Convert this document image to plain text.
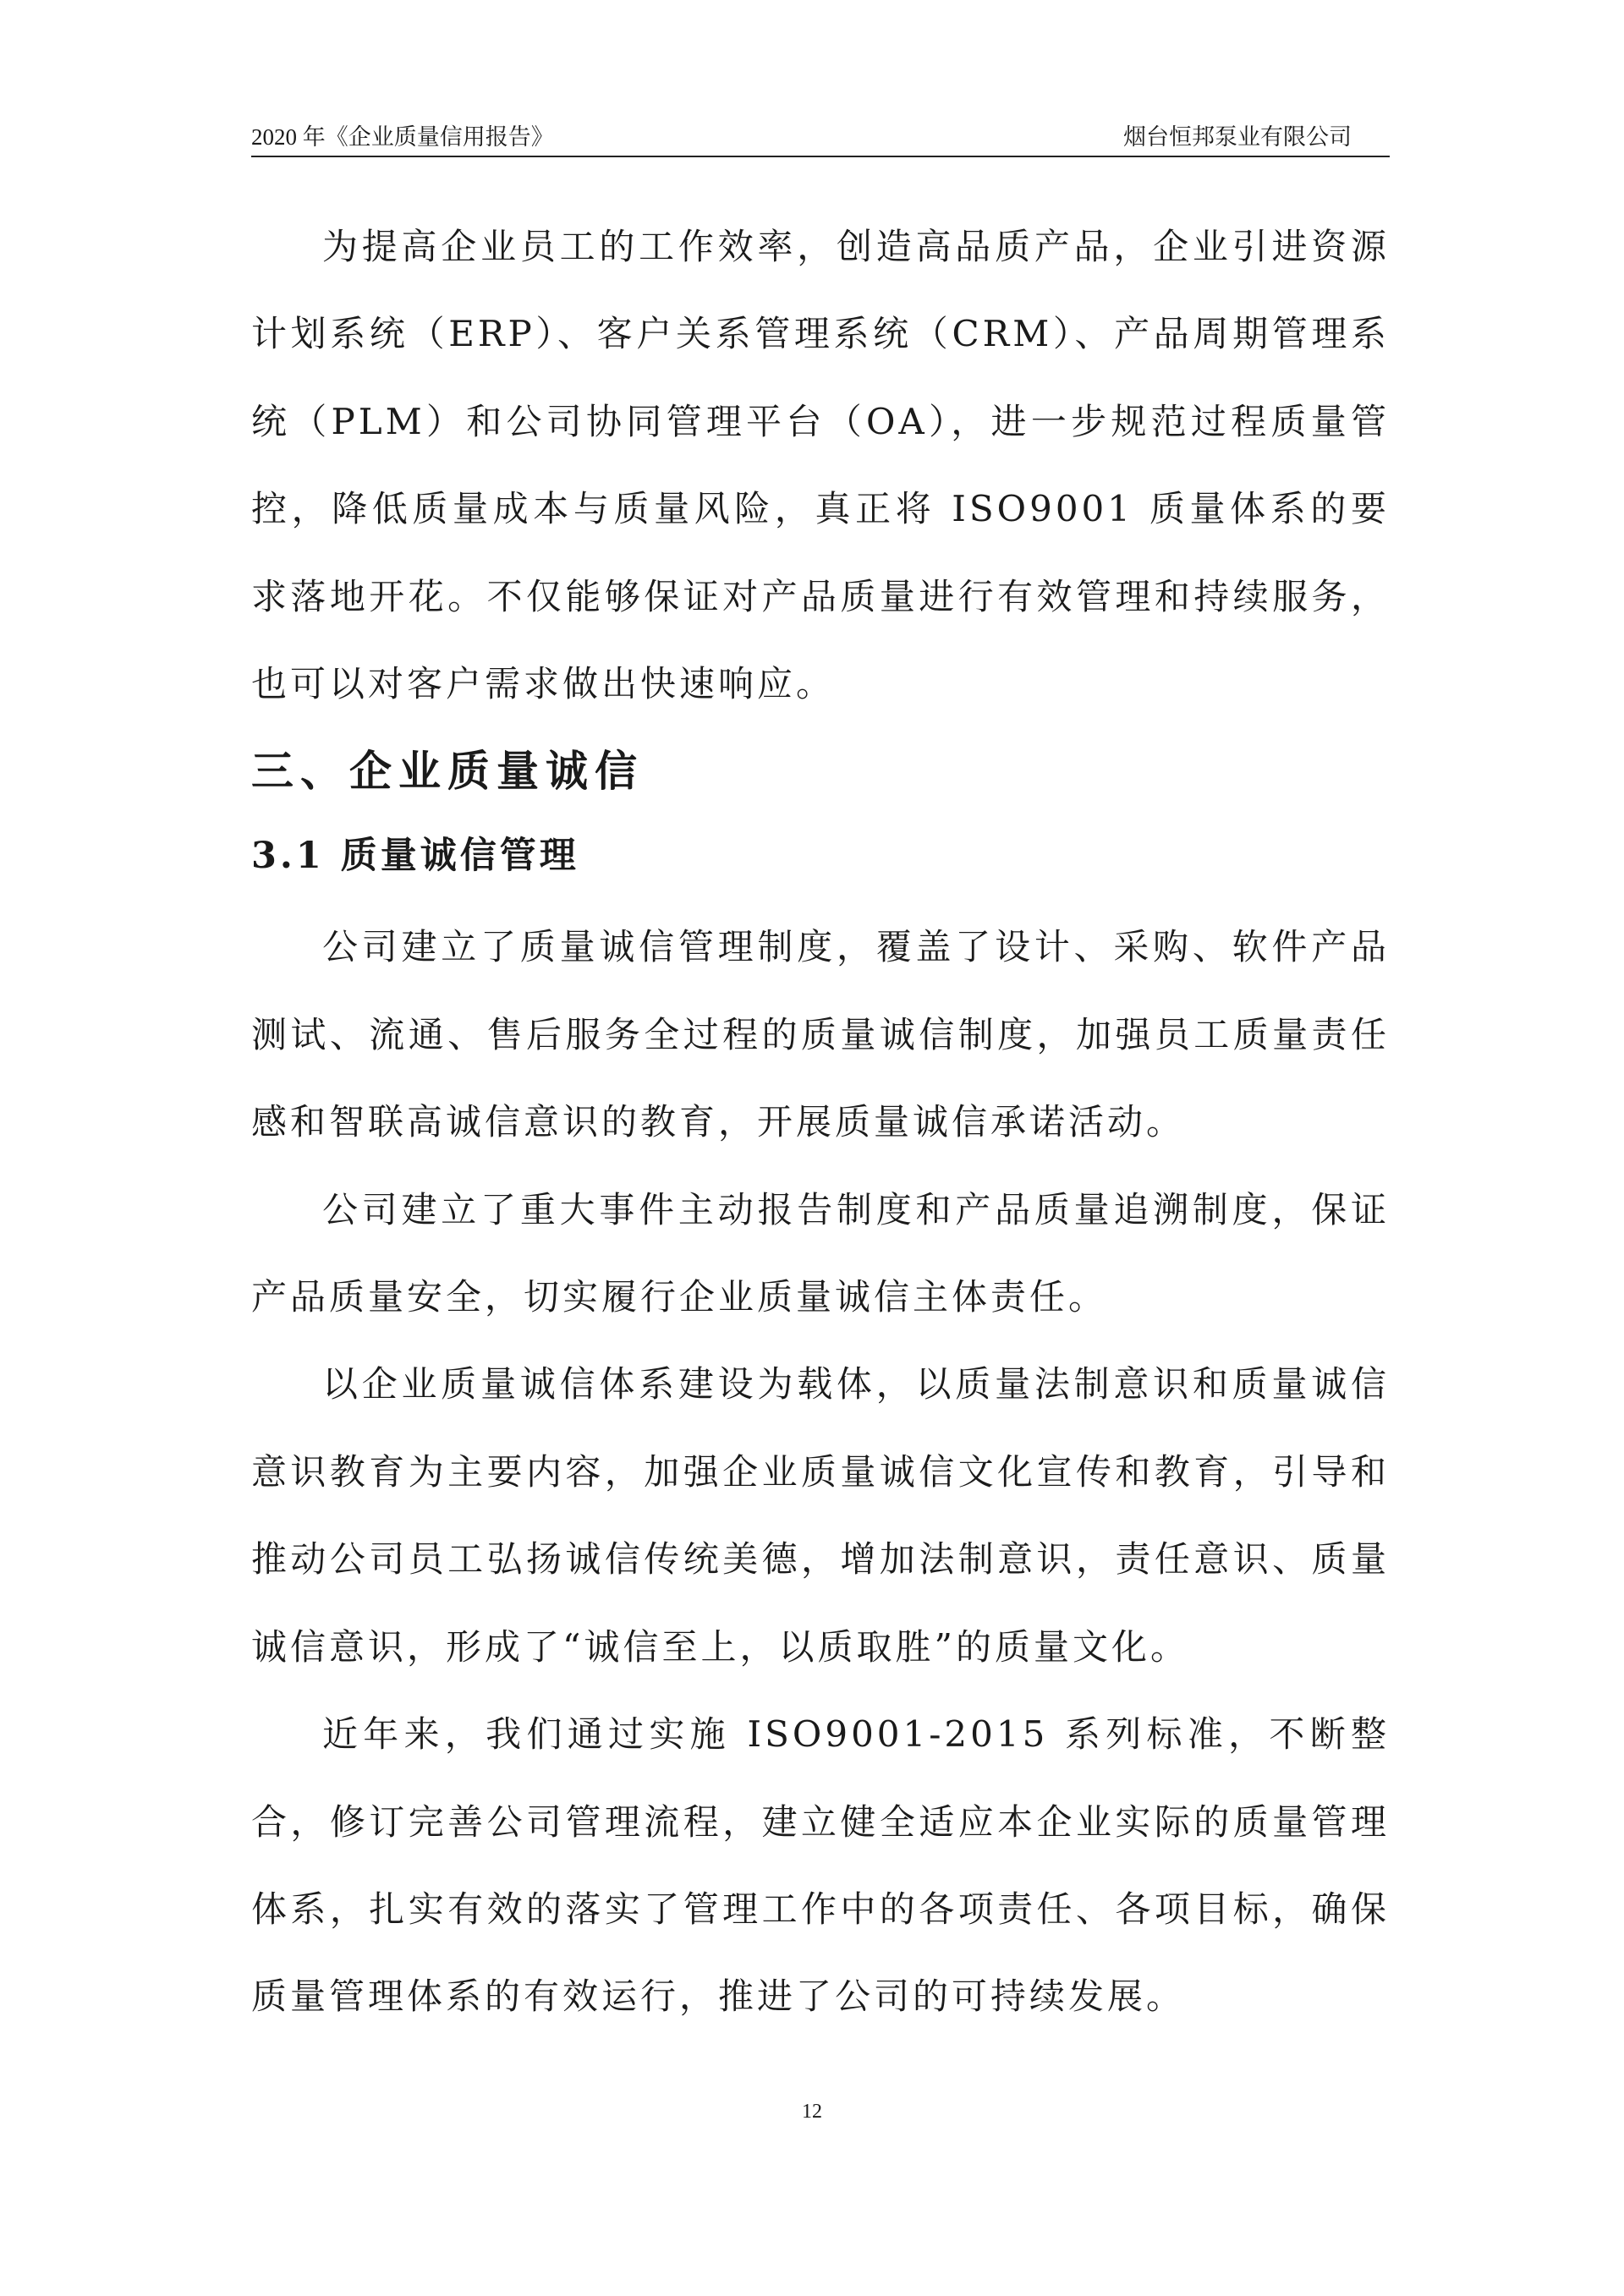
2020 年《企业质量信用报告》	烟台恒邦泵业有限公司

为提高企业员工的工作效率，创造高品质产品，企业引进资源计划系统（ERP）、客户关系管理系统（CRM）、产品周期管理系统（PLM）和公司协同管理平台（OA），进一步规范过程质量管控，降低质量成本与质量风险，真正将 ISO9001 质量体系的要求落地开花。不仅能够保证对产品质量进行有效管理和持续服务，也可以对客户需求做出快速响应。

三、企业质量诚信
3.1 质量诚信管理

公司建立了质量诚信管理制度，覆盖了设计、采购、软件产品测试、流通、售后服务全过程的质量诚信制度，加强员工质量责任感和智联高诚信意识的教育，开展质量诚信承诺活动。

公司建立了重大事件主动报告制度和产品质量追溯制度，保证产品质量安全，切实履行企业质量诚信主体责任。

以企业质量诚信体系建设为载体，以质量法制意识和质量诚信意识教育为主要内容，加强企业质量诚信文化宣传和教育，引导和推动公司员工弘扬诚信传统美德，增加法制意识，责任意识、质量诚信意识，形成了“诚信至上，以质取胜”的质量文化。

近年来，我们通过实施 ISO9001-2015 系列标准，不断整合，修订完善公司管理流程，建立健全适应本企业实际的质量管理体系，扎实有效的落实了管理工作中的各项责任、各项目标，确保质量管理体系的有效运行，推进了公司的可持续发展。

12
